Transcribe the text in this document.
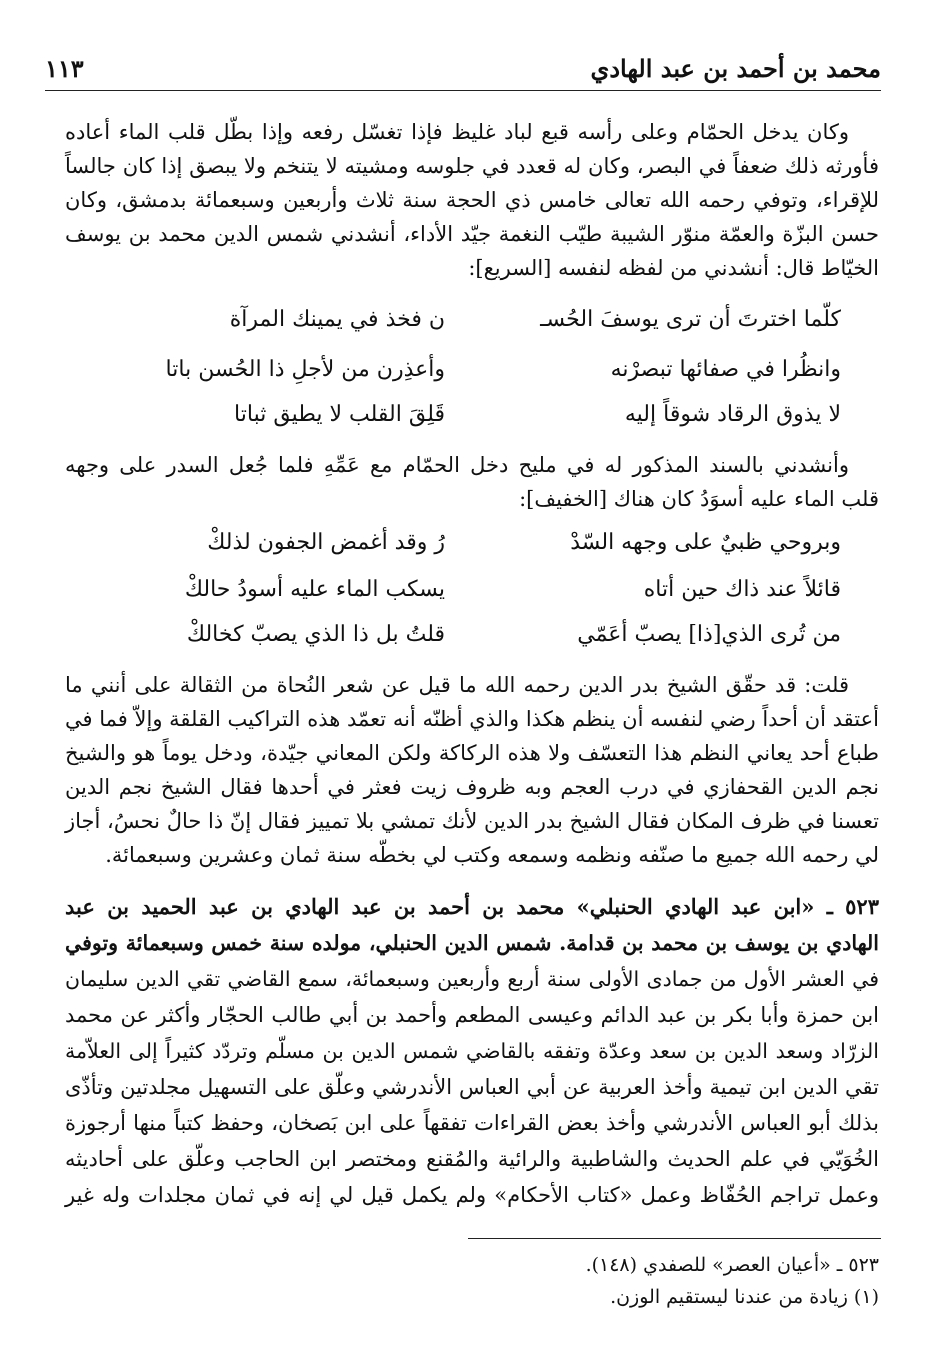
محمد بن أحمد بن عبد الهادي
١١٣
وكان يدخل الحمّام وعلى رأسه قبع لباد غليظ فإذا تغسّل رفعه وإذا بطّل قلب الماء أعاده
فأورثه ذلك ضعفاً في البصر، وكان له قعدد في جلوسه ومشيته لا يتنخم ولا يبصق إذا كان جالساً
للإقراء، وتوفي رحمه الله تعالى خامس ذي الحجة سنة ثلاث وأربعين وسبعمائة بدمشق، وكان
حسن البزّة والعمّة منوّر الشيبة طيّب النغمة جيّد الأداء، أنشدني شمس الدين محمد بن يوسف
الخيّاط قال: أنشدني من لفظه لنفسه [السريع]:
كلّما اخترتَ أن ترى يوسفَ الحُسـ
ن فخذ في يمينك المرآة
وانظُرا في صفائها تبصرْنه
وأعذِرن من لأجلِ ذا الحُسن باتا
لا يذوق الرقاد شوقاً إليه
قَلِقَ القلب لا يطيق ثباتا
وأنشدني بالسند المذكور له في مليح دخل الحمّام مع عَمِّهِ فلما جُعل السدر على وجهه
قلب الماء عليه أسوَدُ كان هناك [الخفيف]:
وبروحي ظبيٌ على وجهه السّدْ
رُ وقد أغمض الجفون لذلكْ
قائلاً عند ذاك حين أتاه
يسكب الماء عليه أسودُ حالكْ
من تُرى الذي[ذا] يصبّ أعَمّي
قلتُ بل ذا الذي يصبّ كخالكْ
قلت: قد حقّق الشيخ بدر الدين رحمه الله ما قيل عن شعر النُحاة من الثقالة على أنني ما
أعتقد أن أحداً رضي لنفسه أن ينظم هكذا والذي أظنّه أنه تعمّد هذه التراكيب القلقة وإلاّ فما في
طباع أحد يعاني النظم هذا التعسّف ولا هذه الركاكة ولكن المعاني جيّدة، ودخل يوماً هو والشيخ
نجم الدين القحفازي في درب العجم وبه ظروف زيت فعثر في أحدها فقال الشيخ نجم الدين
تعسنا في ظرف المكان فقال الشيخ بدر الدين لأنك تمشي بلا تمييز فقال إنّ ذا حالٌ نحسُ، أجاز
لي رحمه الله جميع ما صنّفه ونظمه وسمعه وكتب لي بخطّه سنة ثمان وعشرين وسبعمائة.
٥٢٣ ـ «ابن عبد الهادي الحنبلي» محمد بن أحمد بن عبد الهادي بن عبد الحميد بن عبد
الهادي بن يوسف بن محمد بن قدامة. شمس الدين الحنبلي، مولده سنة خمس وسبعمائة وتوفي
في العشر الأول من جمادى الأولى سنة أربع وأربعين وسبعمائة، سمع القاضي تقي الدين سليمان
ابن حمزة وأبا بكر بن عبد الدائم وعيسى المطعم وأحمد بن أبي طالب الحجّار وأكثر عن محمد
الزرّاد وسعد الدين بن سعد وعدّة وتفقه بالقاضي شمس الدين بن مسلّم وتردّد كثيراً إلى العلاّمة
تقي الدين ابن تيمية وأخذ العربية عن أبي العباس الأندرشي وعلّق على التسهيل مجلدتين وتأذّى
بذلك أبو العباس الأندرشي وأخذ بعض القراءات تفقهاً على ابن بَصخان، وحفظ كتباً منها أرجوزة
الخُوَيّي في علم الحديث والشاطبية والرائية والمُقنع ومختصر ابن الحاجب وعلّق على أحاديثه
وعمل تراجم الحُفّاظ وعمل «كتاب الأحكام» ولم يكمل قيل لي إنه في ثمان مجلدات وله غير
٥٢٣ ـ «أعيان العصر» للصفدي (١٤٨).
(١) زيادة من عندنا ليستقيم الوزن.
